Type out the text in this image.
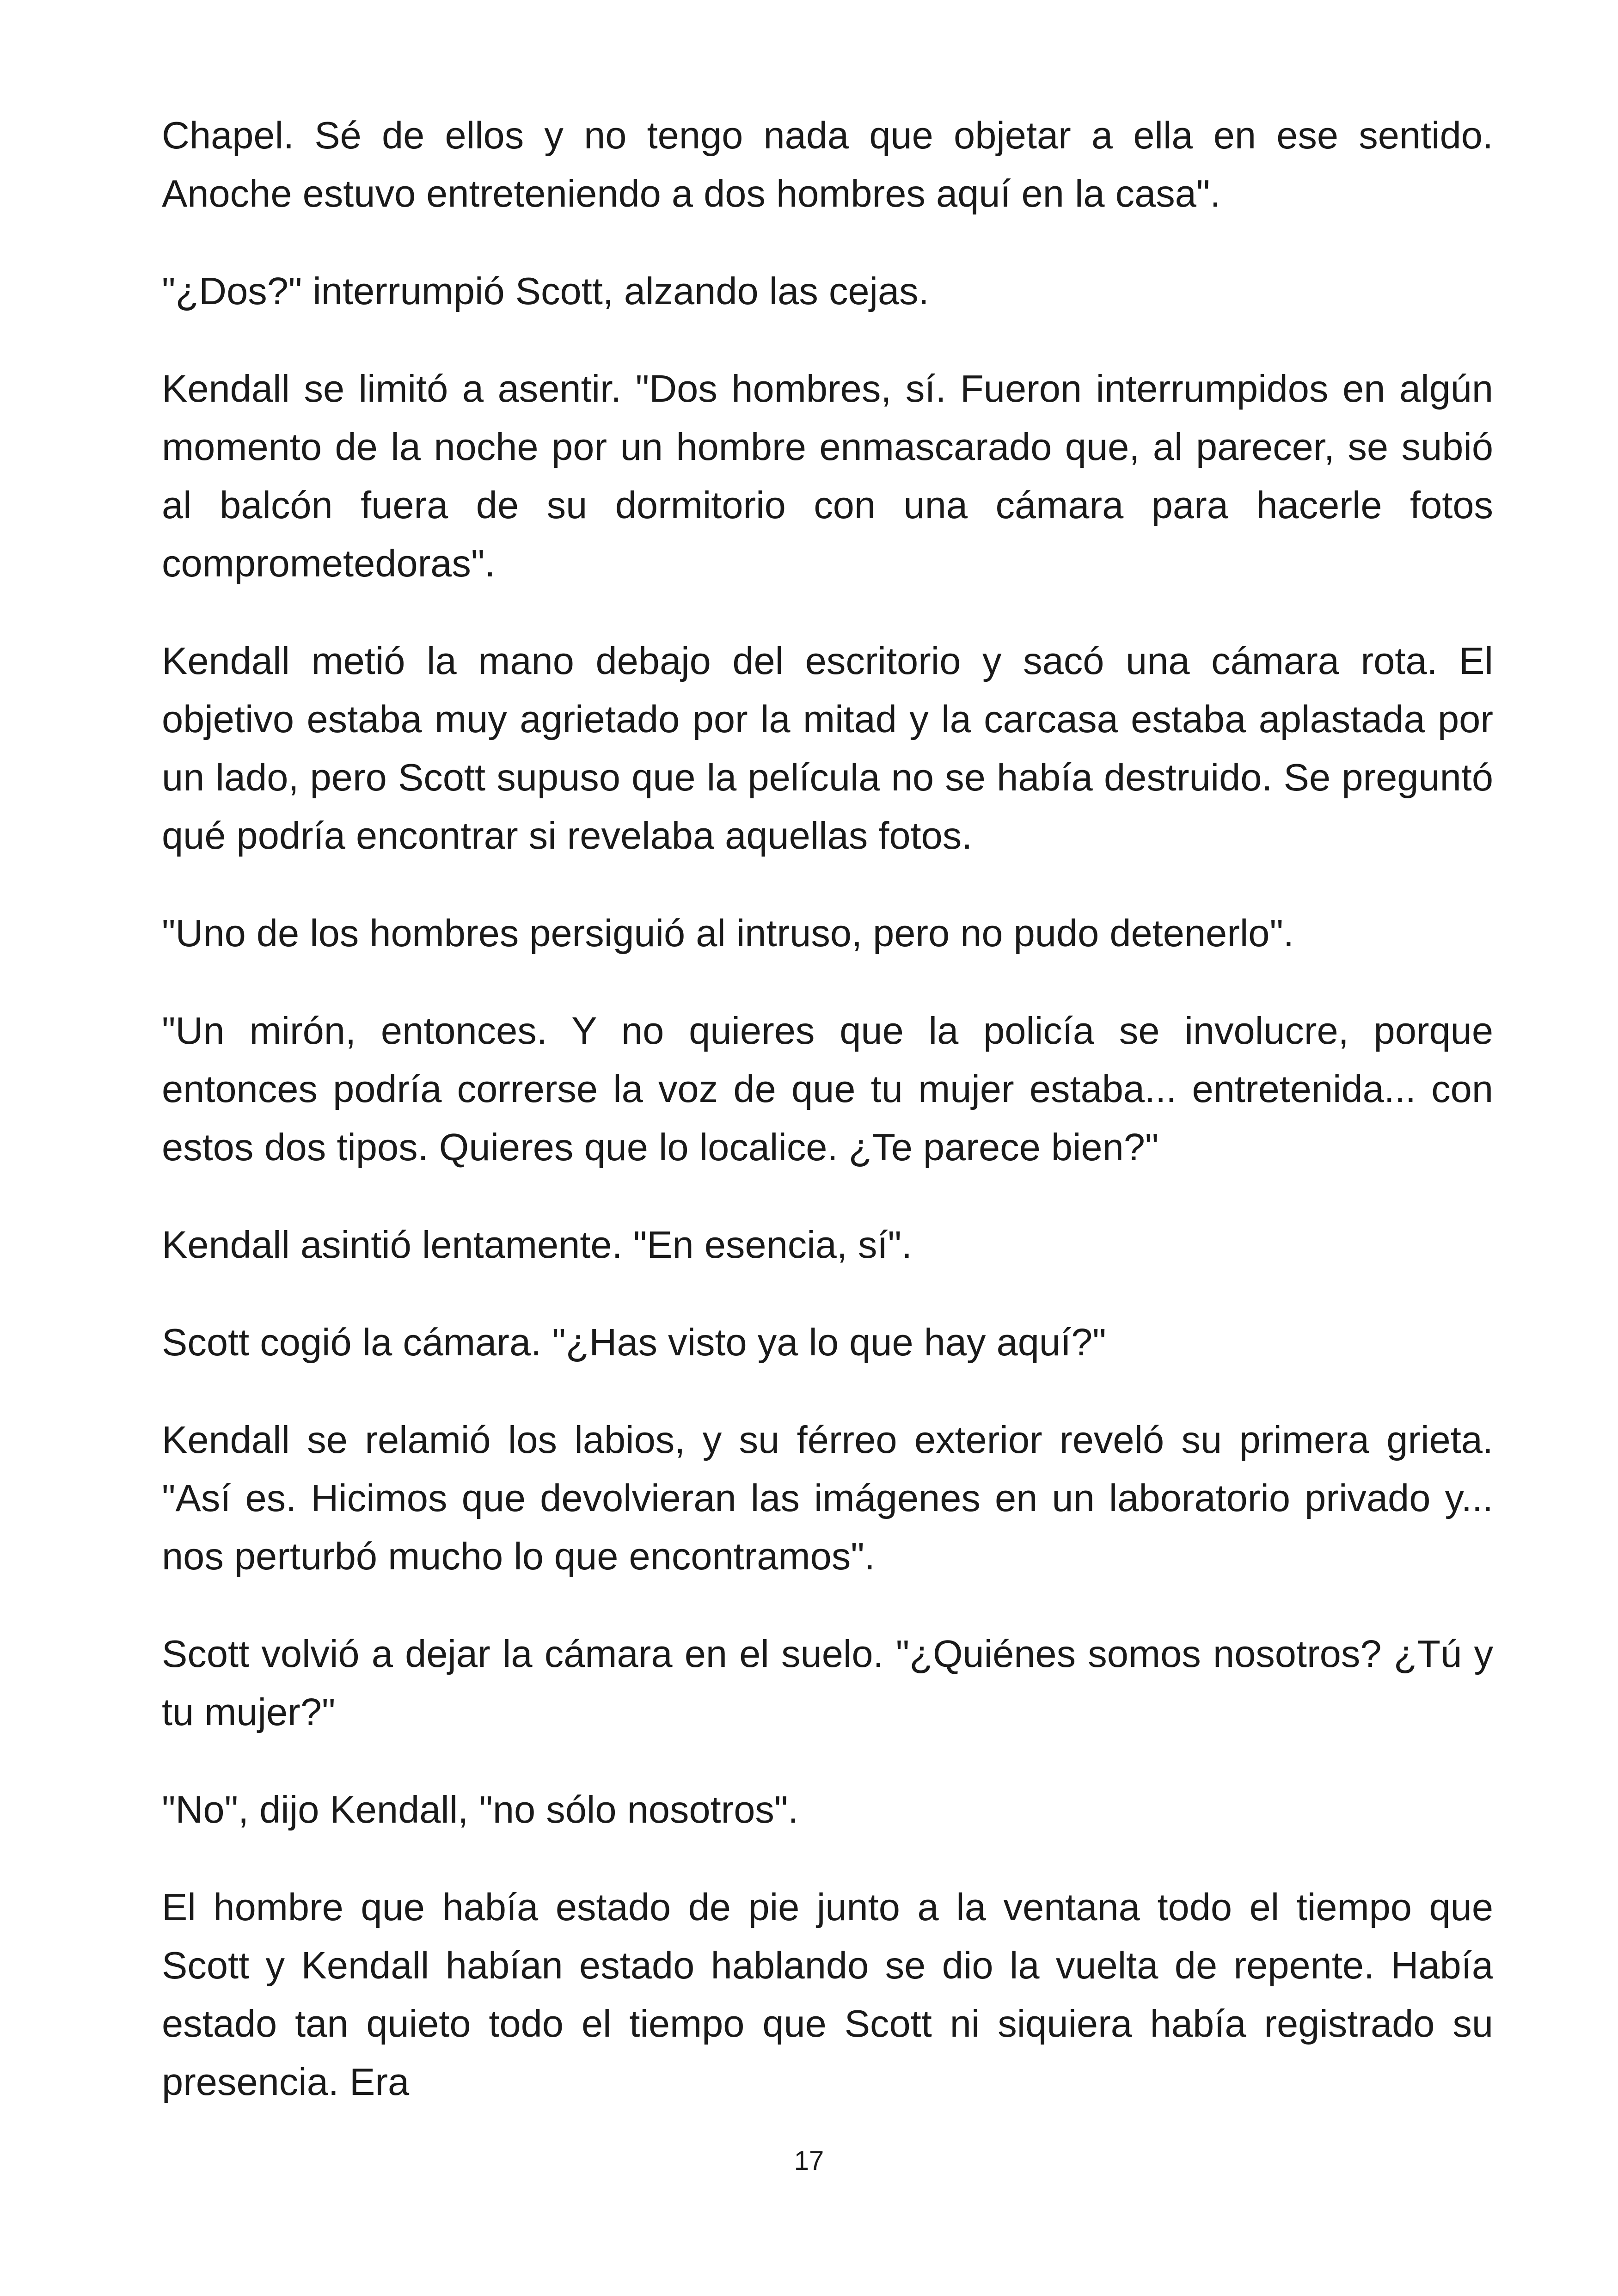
Chapel. Sé de ellos y no tengo nada que objetar a ella en ese sentido. Anoche estuvo entreteniendo a dos hombres aquí en la casa".

"¿Dos?" interrumpió Scott, alzando las cejas.

Kendall se limitó a asentir. "Dos hombres, sí. Fueron interrumpidos en algún momento de la noche por un hombre enmascarado que, al parecer, se subió al balcón fuera de su dormitorio con una cámara para hacerle fotos comprometedoras".

Kendall metió la mano debajo del escritorio y sacó una cámara rota. El objetivo estaba muy agrietado por la mitad y la carcasa estaba aplastada por un lado, pero Scott supuso que la película no se había destruido. Se preguntó qué podría encontrar si revelaba aquellas fotos.

"Uno de los hombres persiguió al intruso, pero no pudo detenerlo".

"Un mirón, entonces. Y no quieres que la policía se involucre, porque entonces podría correrse la voz de que tu mujer estaba... entretenida... con estos dos tipos. Quieres que lo localice. ¿Te parece bien?"

Kendall asintió lentamente. "En esencia, sí".

Scott cogió la cámara. "¿Has visto ya lo que hay aquí?"

Kendall se relamió los labios, y su férreo exterior reveló su primera grieta. "Así es. Hicimos que devolvieran las imágenes en un laboratorio privado y... nos perturbó mucho lo que encontramos".

Scott volvió a dejar la cámara en el suelo. "¿Quiénes somos nosotros? ¿Tú y tu mujer?"

"No", dijo Kendall, "no sólo nosotros".

El hombre que había estado de pie junto a la ventana todo el tiempo que Scott y Kendall habían estado hablando se dio la vuelta de repente. Había estado tan quieto todo el tiempo que Scott ni siquiera había registrado su presencia. Era

17
